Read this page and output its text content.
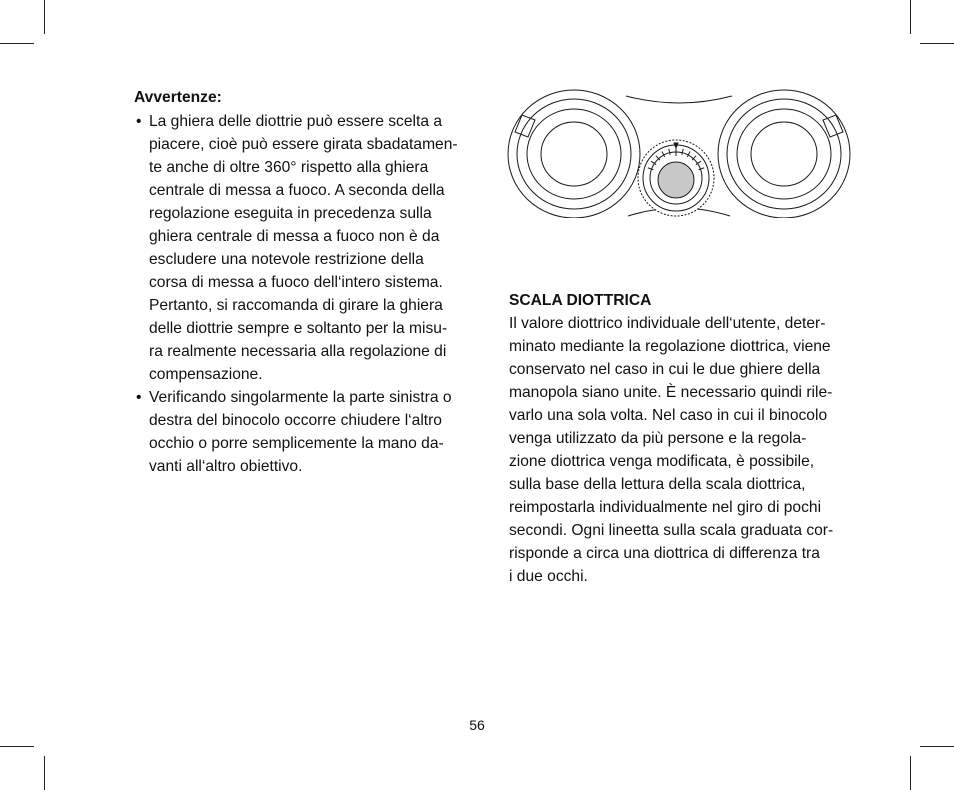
Avvertenze:

• La ghiera delle diottrie può essere scelta a
piacere, cioè può essere girata sbadatamen-
te anche di oltre 360° rispetto alla ghiera
centrale di messa a fuoco. A seconda della
regolazione eseguita in precedenza sulla
ghiera centrale di messa a fuoco non è da
escludere una notevole restrizione della
corsa di messa a fuoco dell‘intero sistema.
Pertanto, si raccomanda di girare la ghiera
delle diottrie sempre e soltanto per la misu-
ra realmente necessaria alla regolazione di
compensazione.

• Verificando singolarmente la parte sinistra o
destra del binocolo occorre chiudere l‘altro
occhio o porre semplicemente la mano da-
vanti all‘altro obiettivo.

SCALA DIOTTRICA

Il valore diottrico individuale dell‘utente, deter-
minato mediante la regolazione diottrica, viene
conservato nel caso in cui le due ghiere della
manopola siano unite. È necessario quindi rile-
varlo una sola volta. Nel caso in cui il binocolo
venga utilizzato da più persone e la regola-
zione diottrica venga modificata, è possibile,
sulla base della lettura della scala diottrica,
reimpostarla individualmente nel giro di pochi
secondi. Ogni lineetta sulla scala graduata cor-
risponde a circa una diottrica di differenza tra
i due occhi.

56
